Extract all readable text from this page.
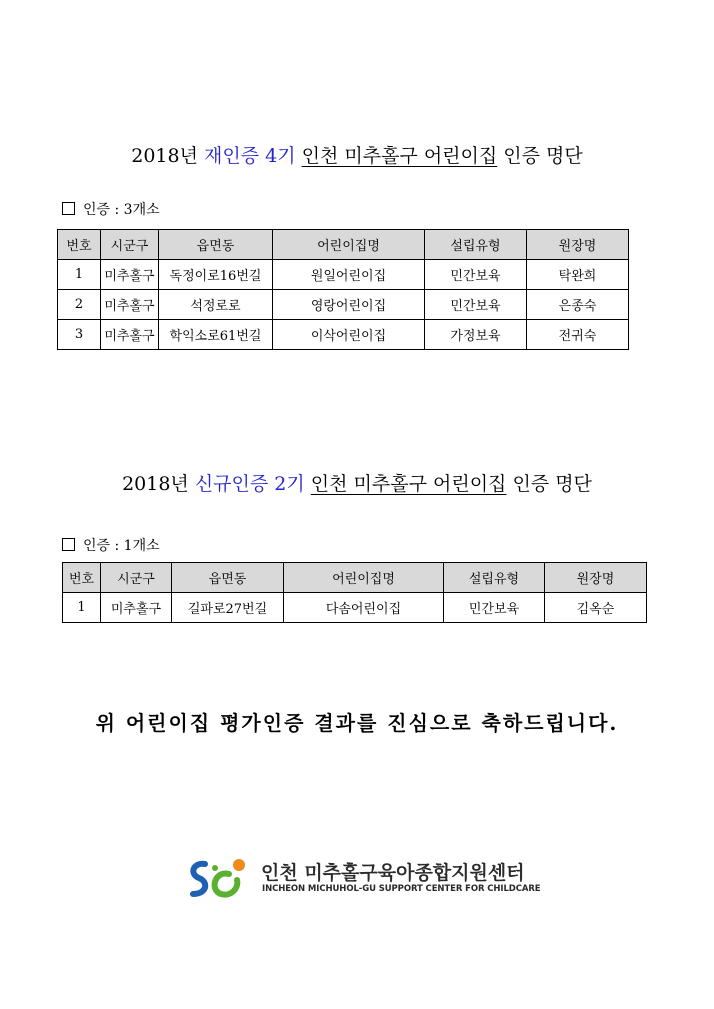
2018년 재인증 4기 인천 미추홀구 어린이집 인증 명단
인증 : 3개소
번호	시군구	읍면동	어린이집명	설립유형	원장명
1	미추홀구	독정이로16번길	원일어린이집	민간보육	탁완희
2	미추홀구	석정로로	영랑어린이집	민간보육	은종숙
3	미추홀구	학익소로61번길	이삭어린이집	가정보육	전귀숙
2018년 신규인증 2기 인천 미추홀구 어린이집 인증 명단
인증 : 1개소
번호	시군구	읍면동	어린이집명	설립유형	원장명
1	미추홀구	길파로27번길	다솜어린이집	민간보육	김옥순
위 어린이집 평가인증 결과를 진심으로 축하드립니다.
인천 미추홀구육아종합지원센터
INCHEON MICHUHOL-GU SUPPORT CENTER FOR CHILDCARE
